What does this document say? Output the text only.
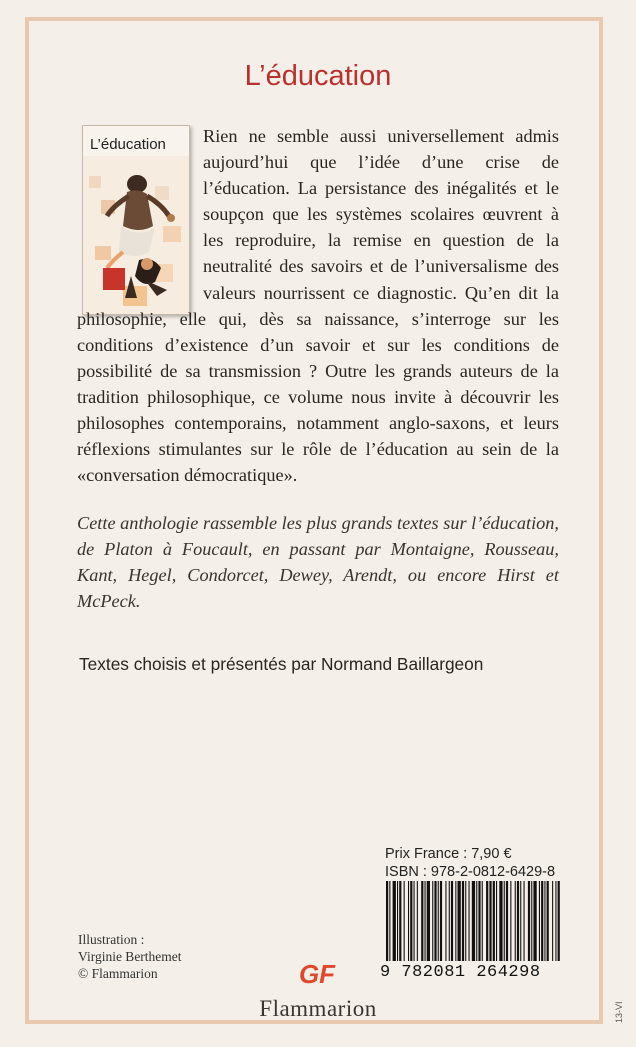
L’éducation
L’éducation	Rien ne semble aussi universellement admis aujourd’hui que l’idée d’une crise de l’éducation. La persistance des inégalités et le soupçon que les systèmes scolaires œuvrent à les reproduire, la remise en question de la neutralité des savoirs et de l’universalisme des valeurs nourrissent ce diagnostic. Qu’en dit la philosophie, elle qui, dès sa naissance, s’interroge sur les conditions d’existence d’un savoir et sur les conditions de possibilité de sa transmission ? Outre les grands auteurs de la tradition philosophique, ce volume nous invite à découvrir les philosophes contemporains, notamment anglo-saxons, et leurs réflexions stimulantes sur le rôle de l’éducation au sein de la «conversation démocratique».
Cette anthologie rassemble les plus grands textes sur l’éducation, de Platon à Foucault, en passant par Montaigne, Rousseau, Kant, Hegel, Condorcet, Dewey, Arendt, ou encore Hirst et McPeck.
Textes choisis et présentés par Normand Baillargeon
Prix France : 7,90 €
ISBN : 978-2-0812-6429-8
9 782081 264298
Illustration :
Virginie Berthemet
© Flammarion	GF
Flammarion	13-VI
